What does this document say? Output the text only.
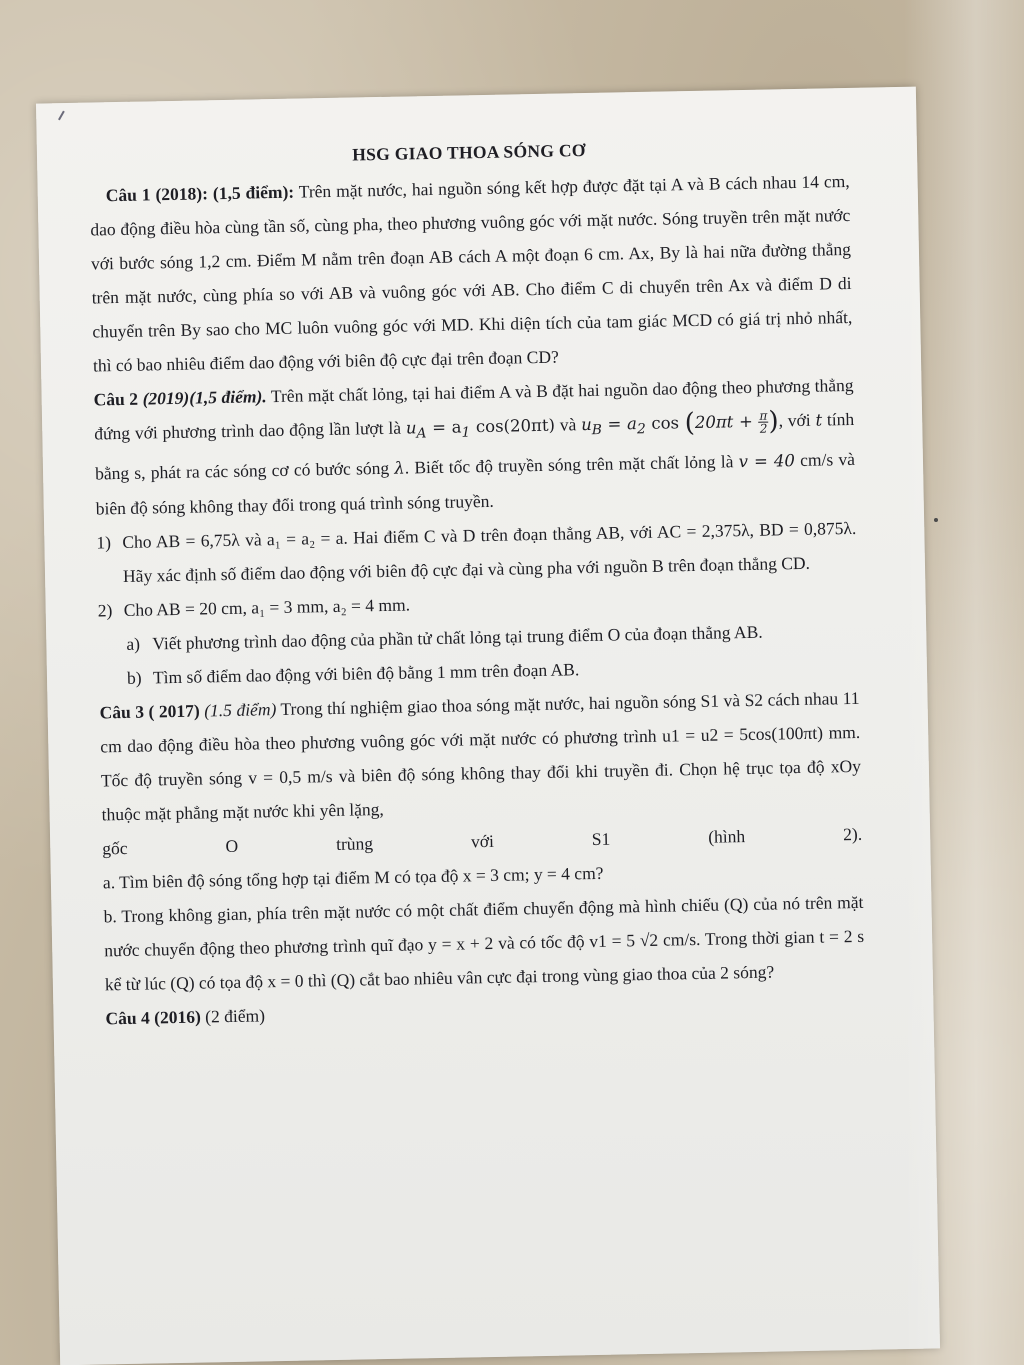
HSG GIAO THOA SÓNG CƠ

Câu 1 (2018): (1,5 điểm): Trên mặt nước, hai nguồn sóng kết hợp được đặt tại A và B cách nhau 14 cm, dao động điều hòa cùng tần số, cùng pha, theo phương vuông góc với mặt nước. Sóng truyền trên mặt nước với bước sóng 1,2 cm. Điểm M nằm trên đoạn AB cách A một đoạn 6 cm. Ax, By là hai nữa đường thẳng trên mặt nước, cùng phía so với AB và vuông góc với AB. Cho điểm C di chuyển trên Ax và điểm D di chuyển trên By sao cho MC luôn vuông góc với MD. Khi diện tích của tam giác MCD có giá trị nhỏ nhất, thì có bao nhiêu điểm dao động với biên độ cực đại trên đoạn CD?

Câu 2 (2019)(1,5 điểm). Trên mặt chất lỏng, tại hai điểm A và B đặt hai nguồn dao động theo phương thẳng đứng với phương trình dao động lần lượt là $u_A = a_1$ cos(20πt) và $u_B = a_2$ $\cos (20\pi t + \frac{\pi}{2}$ ), với t tính bằng s, phát ra các sóng cơ có bước sóng λ. Biết tốc độ truyền sóng trên mặt chất lỏng là v = 40 cm/s và biên độ sóng không thay đổi trong quá trình sóng truyền.

1) Cho AB = 6,75λ và a₁ = a₂ = a. Hai điểm C và D trên đoạn thẳng AB, với AC = 2,375λ, BD = 0,875λ. Hãy xác định số điểm dao động với biên độ cực đại và cùng pha với nguồn B trên đoạn thẳng CD.
2) Cho AB = 20 cm, a₁ = 3 mm, a₂ = 4 mm.
a) Viết phương trình dao động của phần tử chất lỏng tại trung điểm O của đoạn thẳng AB.
b) Tìm số điểm dao động với biên độ bằng 1 mm trên đoạn AB.

Câu 3 ( 2017) (1.5 điểm) Trong thí nghiệm giao thoa sóng mặt nước, hai nguồn sóng S1 và S2 cách nhau 11 cm dao động điều hòa theo phương vuông góc với mặt nước có phương trình u1 = u2 = 5cos(100πt) mm. Tốc độ truyền sóng v = 0,5 m/s và biên độ sóng không thay đổi khi truyền đi. Chọn hệ trục tọa độ xOy thuộc mặt phẳng mặt nước khi yên lặng,

gốc	O	trùng	với	S1	(hình	2).

a. Tìm biên độ sóng tổng hợp tại điểm M có tọa độ x = 3 cm; y = 4 cm?

b. Trong không gian, phía trên mặt nước có một chất điểm chuyển động mà hình chiếu (Q) của nó trên mặt nước chuyển động theo phương trình quĩ đạo y = x + 2 và có tốc độ v1 = 5 √2 cm/s. Trong thời gian t = 2 s kể từ lúc (Q) có tọa độ x = 0 thì (Q) cắt bao nhiêu vân cực đại trong vùng giao thoa của 2 sóng?

Câu 4 (2016) (2 điểm)
